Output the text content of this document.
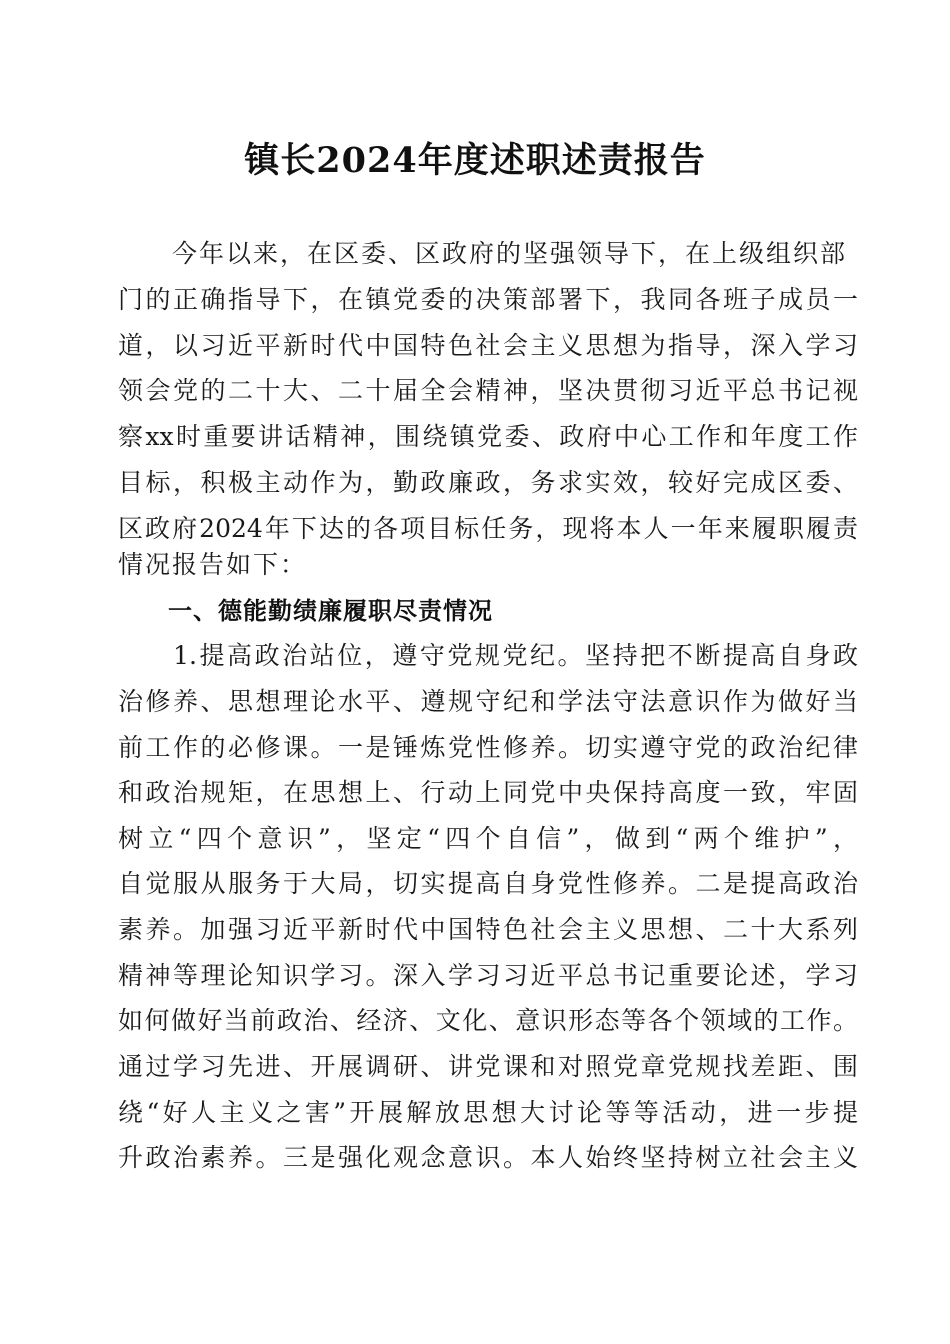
镇长2024年度述职述责报告
　　今年以来，在区委、区政府的坚强领导下，在上级组织部
门的正确指导下，在镇党委的决策部署下，我同各班子成员一
道，以习近平新时代中国特色社会主义思想为指导，深入学习
领会党的二十大、二十届全会精神，坚决贯彻习近平总书记视
察xx时重要讲话精神，围绕镇党委、政府中心工作和年度工作
目标，积极主动作为，勤政廉政，务求实效，较好完成区委、
区政府2024年下达的各项目标任务，现将本人一年来履职履责
情况报告如下：
　　一、德能勤绩廉履职尽责情况
　　1.提高政治站位，遵守党规党纪。坚持把不断提高自身政
治修养、思想理论水平、遵规守纪和学法守法意识作为做好当
前工作的必修课。一是锤炼党性修养。切实遵守党的政治纪律
和政治规矩，在思想上、行动上同党中央保持高度一致，牢固
树立“四个意识”，坚定“四个自信”，做到“两个维护”，
自觉服从服务于大局，切实提高自身党性修养。二是提高政治
素养。加强习近平新时代中国特色社会主义思想、二十大系列
精神等理论知识学习。深入学习习近平总书记重要论述，学习
如何做好当前政治、经济、文化、意识形态等各个领域的工作。
通过学习先进、开展调研、讲党课和对照党章党规找差距、围
绕“好人主义之害”开展解放思想大讨论等等活动，进一步提
升政治素养。三是强化观念意识。本人始终坚持树立社会主义
